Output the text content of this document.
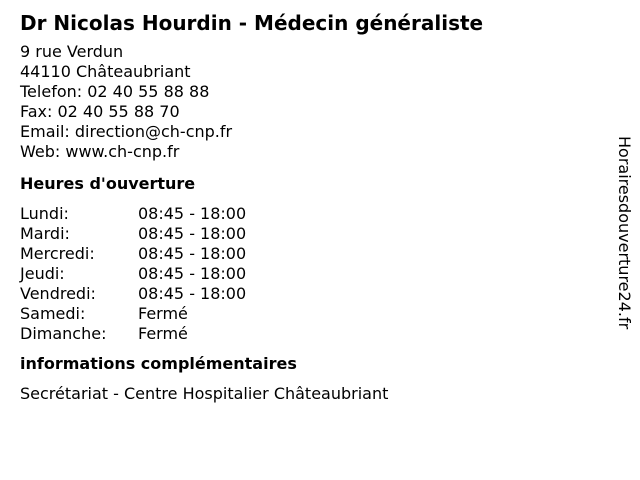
Dr Nicolas Hourdin - Médecin généraliste
9 rue Verdun
44110 Châteaubriant
Telefon: 02 40 55 88 88
Fax: 02 40 55 88 70
Email: direction@ch-cnp.fr
Web: www.ch-cnp.fr
Heures d'ouverture
Lundi:	08:45 - 18:00
Mardi:	08:45 - 18:00
Mercredi:	08:45 - 18:00
Jeudi:	08:45 - 18:00
Vendredi:	08:45 - 18:00
Samedi:	Fermé
Dimanche:	Fermé
informations complémentaires
Secrétariat - Centre Hospitalier Châteaubriant
Horairesdouverture24.fr
